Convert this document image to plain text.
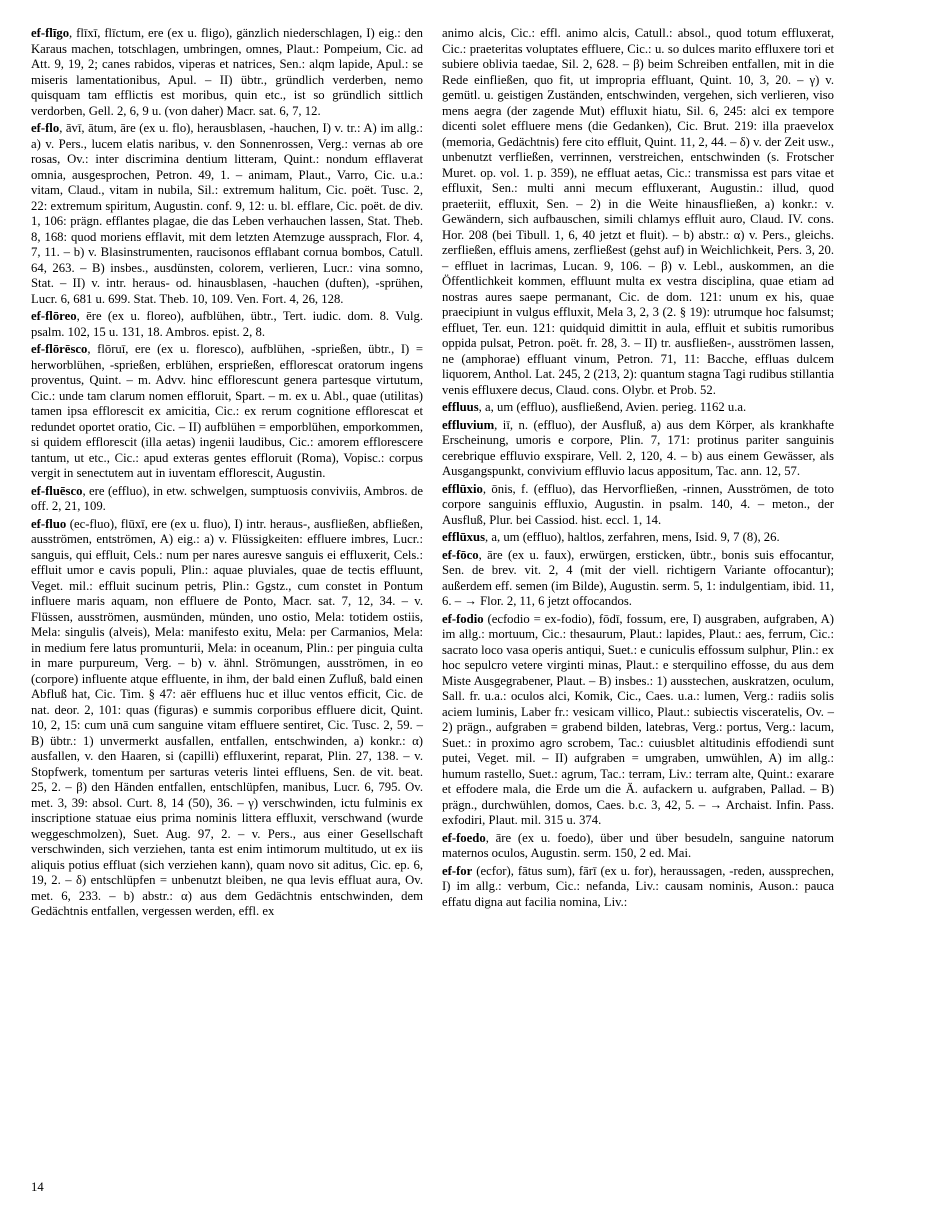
ef-flīgo, flīxī, flīctum, ere (ex u. fligo), gänzlich niederschlagen, I) eig.: den Karaus machen, totschlagen, umbringen, omnes, Plaut.: Pompeium, Cic. ad Att. 9, 19, 2; canes rabidos, viperas et natrices, Sen.: alqm lapide, Apul.: se miseris lamentationibus, Apul. – II) übtr., gründlich verderben, nemo quisquam tam efflictis est moribus, quin etc., ist so gründlich sittlich verdorben, Gell. 2, 6, 9 u. (von daher) Macr. sat. 6, 7, 12.

ef-flo, āvī, ātum, āre (ex u. flo), herausblasen, -hauchen, I) v. tr.: A) im allg.: a) v. Pers., lucem elatis naribus, v. den Sonnenrossen, Verg.: vernas ab ore rosas, Ov.: inter discrimina dentium litteram, Quint.: nondum efflaverat omnia, ausgesprochen, Petron. 49, 1. – animam, Plaut., Varro, Cic. u.a.: vitam, Claud., vitam in nubila, Sil.: extremum halitum, Cic. poët. Tusc. 2, 22: extremum spiritum, Augustin. conf. 9, 12: u. bl. efflare, Cic. poët. de div. 1, 106: prägn. efflantes plagae, die das Leben verhauchen lassen, Stat. Theb. 8, 168: quod moriens efflavit, mit dem letzten Atemzuge aussprach, Flor. 4, 7, 11. – b) v. Blasinstrumenten, raucisonos efflabant cornua bombos, Catull. 64, 263. – B) insbes., ausdünsten, colorem, verlieren, Lucr.: vina somno, Stat. – II) v. intr. heraus- od. hinausblasen, -hauchen (duften), -sprühen, Lucr. 6, 681 u. 699. Stat. Theb. 10, 109. Ven. Fort. 4, 26, 128.

ef-flōreo, ēre (ex u. floreo), aufblühen, übtr., Tert. iudic. dom. 8. Vulg. psalm. 102, 15 u. 131, 18. Ambros. epist. 2, 8.

ef-flōrēsco, flōruī, ere (ex u. floresco), aufblühen, -sprießen, übtr., I) = herworblühen, -sprießen, erblühen, ersprießen, efflorescat oratorum ingens proventus, Quint. – m. Advv. hinc efflorescunt genera partesque virtutum, Cic.: unde tam clarum nomen effloruit, Spart. – m. ex u. Abl., quae (utilitas) tamen ipsa efflorescit ex amicitia, Cic.: ex rerum cognitione efflorescat et redundet oportet oratio, Cic. – II) aufblühen = emporblühen, emporkommen, si quidem efflorescit (illa aetas) ingenii laudibus, Cic.: amorem efflorescere tantum, ut etc., Cic.: apud exteras gentes effloruit (Roma), Vopisc.: corpus vergit in senectutem aut in iuventam efflorescit, Augustin.

ef-fluēsco, ere (effluo), in etw. schwelgen, sumptuosis conviviis, Ambros. de off. 2, 21, 109.

ef-fluo (ec-fluo), flūxī, ere (ex u. fluo), I) intr. heraus-, ausfließen, abfließen, ausströmen, entströmen, A) eig.: a) v. Flüssigkeiten: effluere imbres, Lucr.: sanguis, qui effluit, Cels.: num per nares auresve sanguis ei effluxerit, Cels.: effluit umor e cavis populi, Plin.: aquae pluviales, quae de tectis effluunt, Veget. mil.: effluit sucinum petris, Plin.: Ggstz., cum constet in Pontum influere maris aquam, non effluere de Ponto, Macr. sat. 7, 12, 34. – v. Flüssen, ausströmen, ausmünden, münden, uno ostio, Mela: totidem ostiis, Mela: singulis (alveis), Mela: manifesto exitu, Mela: per Carmanios, Mela: in medium fere latus promunturii, Mela: in oceanum, Plin.: per pinguia culta in mare purpureum, Verg. – b) v. ähnl. Strömungen, ausströmen, in eo (corpore) influente atque effluente, in ihm, der bald einen Zufluß, bald einen Abfluß hat, Cic. Tim. § 47: aër effluens huc et illuc ventos efficit, Cic. de nat. deor. 2, 101: quas (figuras) e summis corporibus effluere dicit, Quint. 10, 2, 15: cum unā cum sanguine vitam effluere sentiret, Cic. Tusc. 2, 59. – B) übtr.: 1) unvermerkt ausfallen, entfallen, entschwinden, a) konkr.: α) ausfallen, v. den Haaren, si (capilli) effluxerint, reparat, Plin. 27, 138. – v. Stopfwerk, tomentum per sarturas veteris lintei effluens, Sen. de vit. beat. 25, 2. – β) den Händen entfallen, entschlüpfen, manibus, Lucr. 6, 795. Ov. met. 3, 39: absol. Curt. 8, 14 (50), 36. – γ) verschwinden, ictu fulminis ex inscriptione statuae eius prima nominis littera effluxit, verschwand (wurde weggeschmolzen), Suet. Aug. 97, 2. – v. Pers., aus einer Gesellschaft verschwinden, sich verziehen, tanta est enim intimorum multitudo, ut ex iis aliquis potius effluat (sich verziehen kann), quam novo sit aditus, Cic. ep. 6, 19, 2. – δ) entschlüpfen = unbenutzt bleiben, ne qua levis effluat aura, Ov. met. 6, 233. – b) abstr.: α) aus dem Gedächtnis entschwinden, dem Gedächtnis entfallen, vergessen werden, effl. ex

animo alcis, Cic.: effl. animo alcis, Catull.: absol., quod totum effluxerat, Cic.: praeteritas voluptates effluere, Cic.: u. so dulces marito effluxere tori et subiere oblivia taedae, Sil. 2, 628. – β) beim Schreiben entfallen, mit in die Rede einfließen, quo fit, ut impropria effluant, Quint. 10, 3, 20. – γ) v. gemütl. u. geistigen Zuständen, entschwinden, vergehen, sich verlieren, viso mens aegra (der zagende Mut) effluxit hiatu, Sil. 6, 245: alci ex tempore dicenti solet effluere mens (die Gedanken), Cic. Brut. 219: illa praevelox (memoria, Gedächtnis) fere cito effluit, Quint. 11, 2, 44. – δ) v. der Zeit usw., unbenutzt verfließen, verrinnen, verstreichen, entschwinden (s. Frotscher Muret. op. vol. 1. p. 359), ne effluat aetas, Cic.: transmissa est pars vitae et effluxit, Sen.: multi anni mecum effluxerant, Augustin.: illud, quod praeteriit, effluxit, Sen. – 2) in die Weite hinausfließen, a) konkr.: v. Gewändern, sich aufbauschen, simili chlamys effluit auro, Claud. IV. cons. Hor. 208 (bei Tibull. 1, 6, 40 jetzt et fluit). – b) abstr.: α) v. Pers., gleichs. zerfließen, effluis amens, zerfließest (gehst auf) in Weichlichkeit, Pers. 3, 20. – effluet in lacrimas, Lucan. 9, 106. – β) v. Lebl., auskommen, an die Öffentlichkeit kommen, effluunt multa ex vestra disciplina, quae etiam ad nostras aures saepe permanant, Cic. de dom. 121: unum ex his, quae praecipiunt in vulgus effluxit, Mela 3, 2, 3 (2. § 19): utrumque hoc falsumst; effluet, Ter. eun. 121: quidquid dimittit in aula, effluit et subitis rumoribus oppida pulsat, Petron. poët. fr. 28, 3. – II) tr. ausfließen-, ausströmen lassen, ne (amphorae) effluant vinum, Petron. 71, 11: Bacche, effluas dulcem liquorem, Anthol. Lat. 245, 2 (213, 2): quantum stagna Tagi rudibus stillantia venis effluxere decus, Claud. cons. Olybr. et Prob. 52.

effluus, a, um (effluo), ausfließend, Avien. perieg. 1162 u.a.

effluvium, iī, n. (effluo), der Ausfluß, a) aus dem Körper, als krankhafte Erscheinung, umoris e corpore, Plin. 7, 171: protinus pariter sanguinis cerebrique effluvio exspirare, Vell. 2, 120, 4. – b) aus einem Gewässer, als Ausgangspunkt, convivium effluvio lacus appositum, Tac. ann. 12, 57.

efflūxio, ōnis, f. (effluo), das Hervorfließen, -rinnen, Ausströmen, de toto corpore sanguinis effluxio, Augustin. in psalm. 140, 4. – meton., der Ausfluß, Plur. bei Cassiod. hist. eccl. 1, 14.

efflūxus, a, um (effluo), haltlos, zerfahren, mens, Isid. 9, 7 (8), 26.

ef-fōco, āre (ex u. faux), erwürgen, ersticken, übtr., bonis suis effocantur, Sen. de brev. vit. 2, 4 (mit der viell. richtigern Variante offocantur); außerdem eff. semen (im Bilde), Augustin. serm. 5, 1: indulgentiam, ibid. 11, 6. – → Flor. 2, 11, 6 jetzt offocandos.

ef-fodio (ecfodio = ex-fodio), fōdī, fossum, ere, I) ausgraben, aufgraben, A) im allg.: mortuum, Cic.: thesaurum, Plaut.: lapides, Plaut.: aes, ferrum, Cic.: sacrato loco vasa operis antiqui, Suet.: e cuniculis effossum sulphur, Plin.: ex hoc sepulcro vetere virginti minas, Plaut.: e sterquilino effosse, du aus dem Miste Ausgegrabener, Plaut. – B) insbes.: 1) ausstechen, auskratzen, oculum, Sall. fr. u.a.: oculos alci, Komik, Cic., Caes. u.a.: lumen, Verg.: radiis solis aciem luminis, Laber fr.: vesicam villico, Plaut.: subiectis visceratelis, Ov. – 2) prägn., aufgraben = grabend bilden, latebras, Verg.: portus, Verg.: lacum, Suet.: in proximo agro scrobem, Tac.: cuiusblet altitudinis effodiendi sunt putei, Veget. mil. – II) aufgraben = umgraben, umwühlen, A) im allg.: humum rastello, Suet.: agrum, Tac.: terram, Liv.: terram alte, Quint.: exarare et effodere mala, die Erde um die Ä. aufackern u. aufgraben, Pallad. – B) prägn., durchwühlen, domos, Caes. b.c. 3, 42, 5. – → Archaist. Infin. Pass. exfodiri, Plaut. mil. 315 u. 374.

ef-foedo, āre (ex u. foedo), über und über besudeln, sanguine natorum maternos oculos, Augustin. serm. 150, 2 ed. Mai.

ef-for (ecfor), fātus sum), fārī (ex u. for), heraussagen, -reden, aussprechen, I) im allg.: verbum, Cic.: nefanda, Liv.: causam nominis, Auson.: pauca effatu digna aut facilia nomina, Liv.:

14
